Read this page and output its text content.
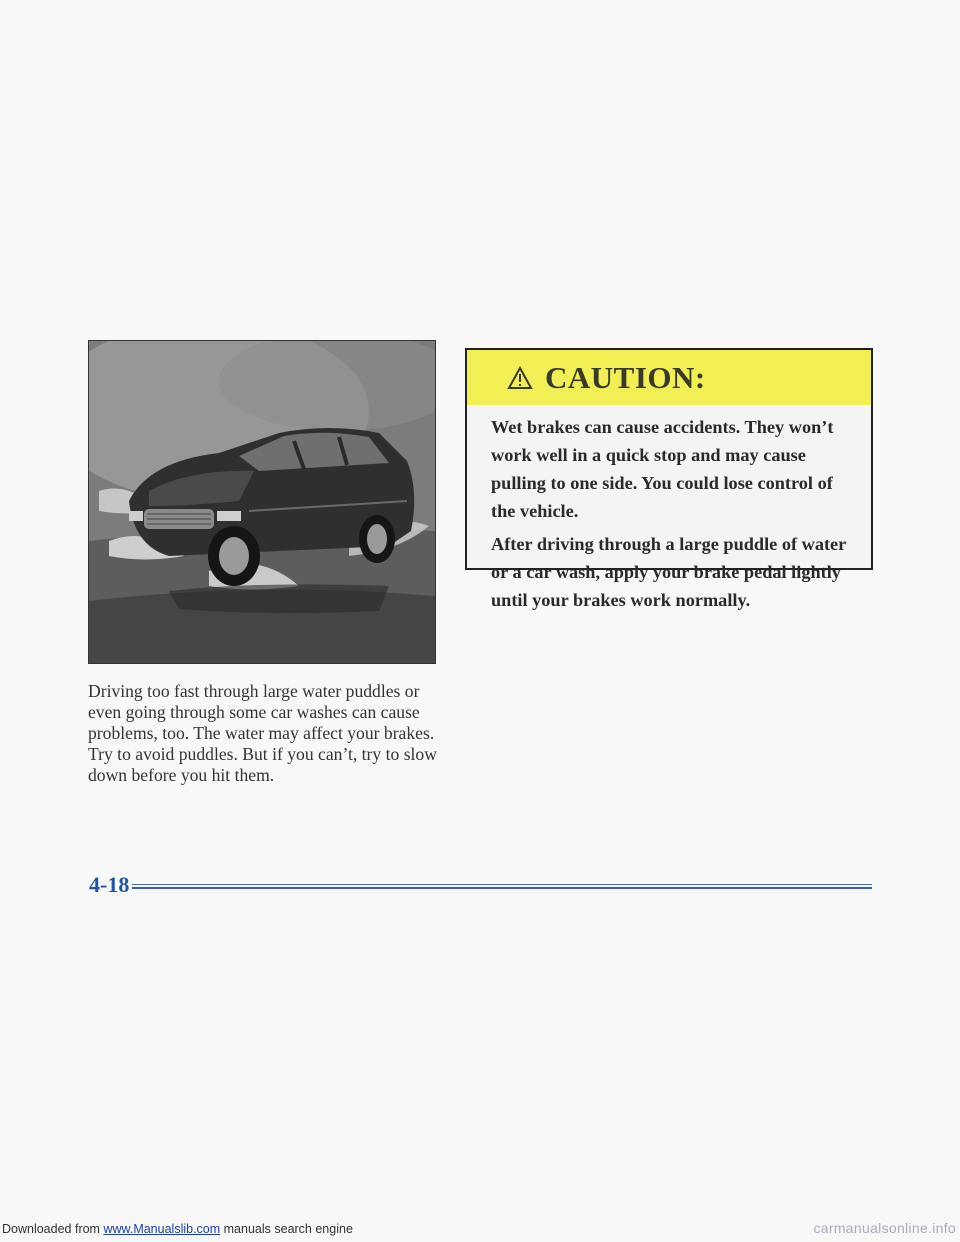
CAUTION:

Wet brakes can cause accidents. They won’t work well in a quick stop and may cause pulling to one side. You could lose control of the vehicle.

After driving through a large puddle of water or a car wash, apply your brake pedal lightly until your brakes work normally.

Driving too fast through large water puddles or even going through some car washes can cause problems, too. The water may affect your brakes. Try to avoid puddles. But if you can’t, try to slow down before you hit them.

4-18
Downloaded from www.Manualslib.com manuals search engine	carmanualsonline.info
